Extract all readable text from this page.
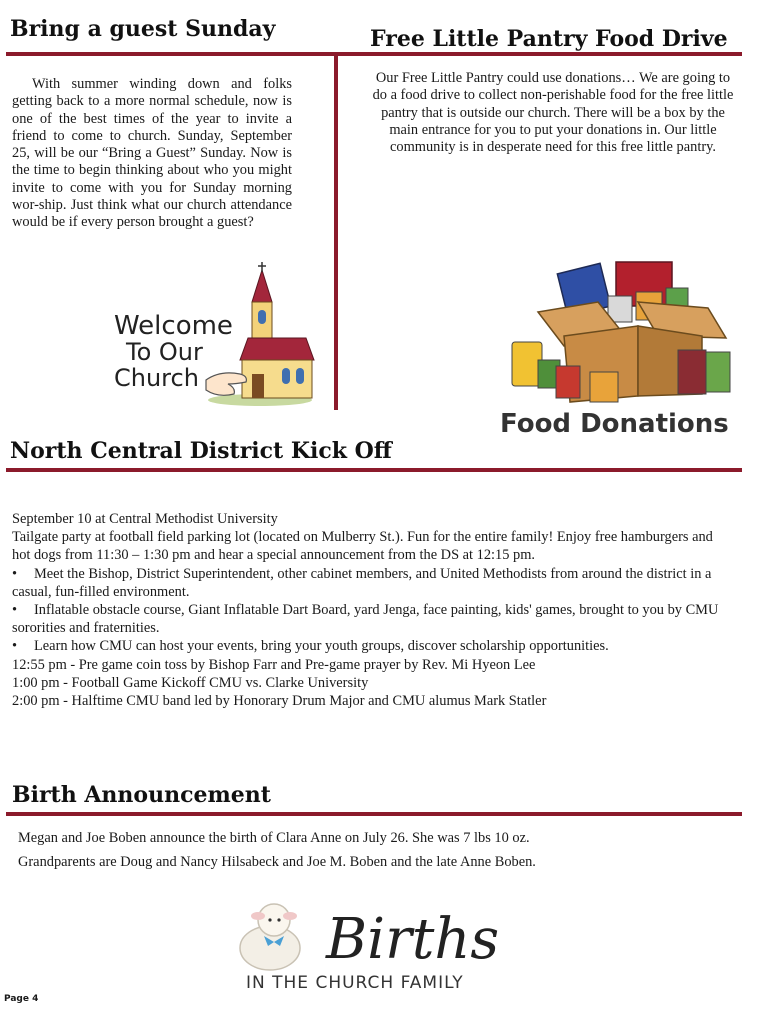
Bring a guest Sunday	Free Little Pantry Food Drive
With summer winding down and folks getting back to a more normal schedule, now is one of the best times of the year to invite a friend to come to church. Sunday, September 25, will be our “Bring a Guest” Sunday. Now is the time to begin thinking about who you might invite to come with you for Sunday morning wor-ship. Just think what our church attendance would be if every person brought a guest?
Our Free Little Pantry could use donations… We are going to do a food drive to collect non-perishable food for the free little pantry that is outside our church. There will be a box by the main entrance for you to put your donations in. Our little community is in desperate need for this free little pantry.
Welcome
To Our
Church
Food Donations
North Central District Kick Off
September 10 at Central Methodist University
Tailgate party at football field parking lot (located on Mulberry St.). Fun for the entire family! Enjoy free hamburgers and hot dogs from 11:30 – 1:30 pm and hear a special announcement from the DS at 12:15 pm.
• Meet the Bishop, District Superintendent, other cabinet members, and United Methodists from around the district in a casual, fun-filled environment.
• Inflatable obstacle course, Giant Inflatable Dart Board, yard Jenga, face painting, kids' games, brought to you by CMU sororities and fraternities.
• Learn how CMU can host your events, bring your youth groups, discover scholarship opportunities.
12:55 pm - Pre game coin toss by Bishop Farr and Pre-game prayer by Rev. Mi Hyeon Lee
1:00 pm - Football Game Kickoff CMU vs. Clarke University
2:00 pm - Halftime CMU band led by Honorary Drum Major and CMU alumus Mark Statler
Birth Announcement
Megan and Joe Boben announce the birth of Clara Anne on July 26. She was 7 lbs 10 oz.
Grandparents are Doug and Nancy Hilsabeck and Joe M. Boben and the late Anne Boben.
Births
IN THE CHURCH FAMILY
Page 4
